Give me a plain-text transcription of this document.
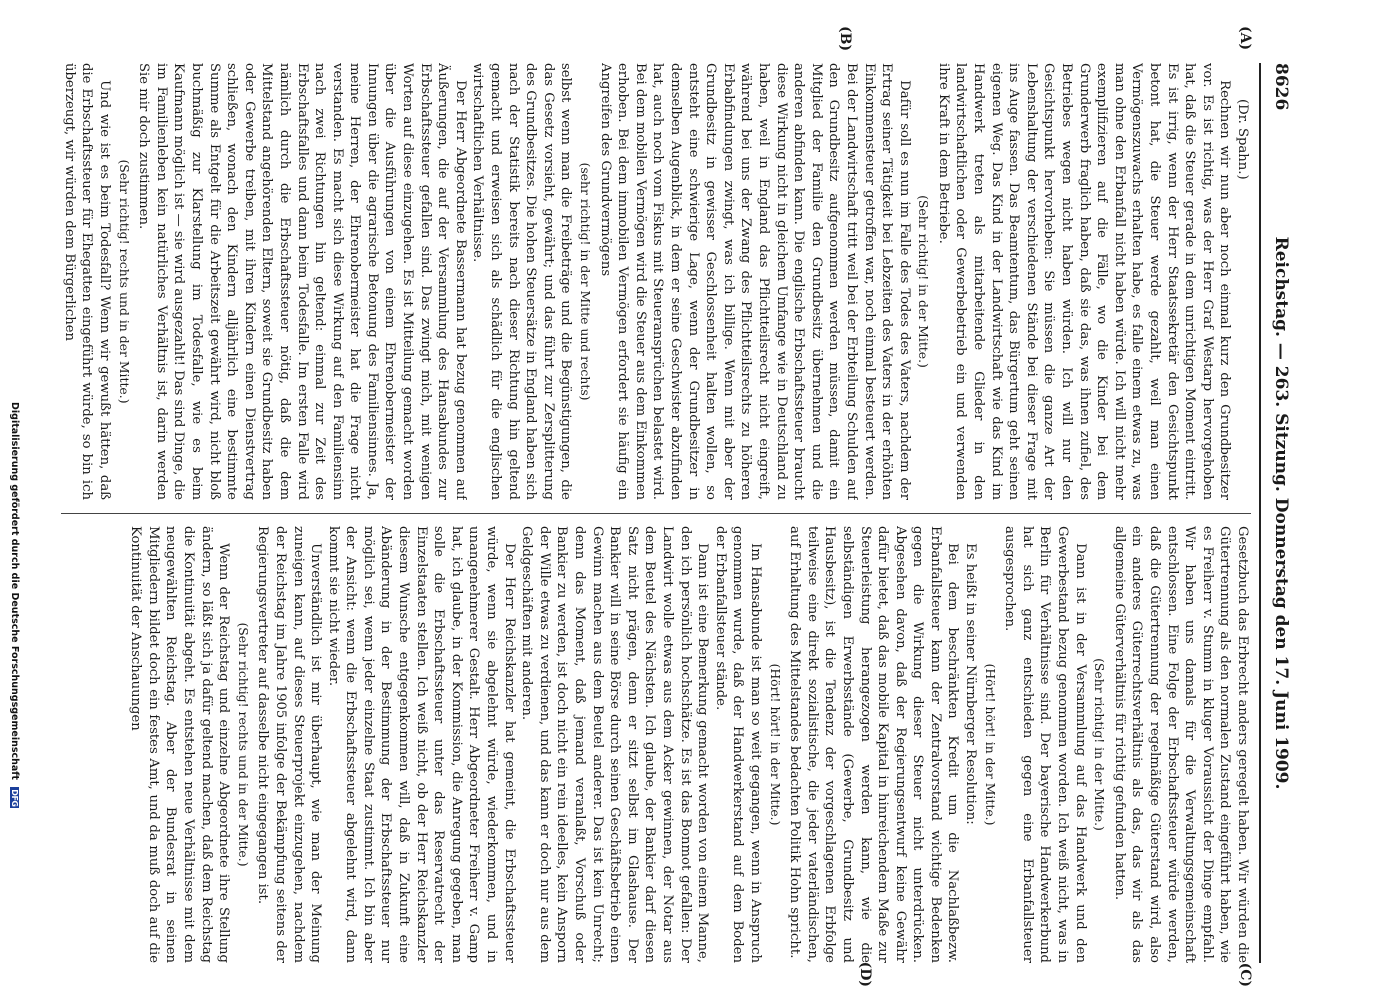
8626
Reichstag. — 263. Sitzung. Donnerstag den 17. Juni 1909.

(Dr. Spahn.)

Rechnen wir nun aber noch einmal kurz den Grundbesitzer vor. Es ist richtig, was der Herr Graf Westarp hervorgehoben hat, daß die Steuer gerade in dem unrichtigen Moment eintritt. Es ist irrig, wenn der Herr Staatssekretär den Gesichtspunkt betont hat, die Steuer werde gezahlt, weil man einen Vermögenszuwachs erhalten habe, es falle einem etwas zu, was man ohne den Erbanfall nicht haben würde. Ich will nicht mehr exemplifizieren auf die Fälle, wo die Kinder bei dem Grunderwerb fraglich haben, daß sie das, was ihnen zufiel, des Betriebes wegen nicht haben würden. Ich will nur den Gesichtspunkt hervorheben: Sie müssen die ganze Art der Lebenshaltung der verschiedenen Stände bei dieser Frage mit ins Auge fassen. Das Beamtentum, das Bürgertum geht seinen eigenen Weg. Das Kind in der Landwirtschaft wie das Kind im Handwerk treten als mitarbeitende Glieder in den landwirtschaftlichen oder Gewerbebetrieb ein und verwenden ihre Kraft in dem Betriebe.

(Sehr richtig! in der Mitte.)

Dafür soll es nun im Falle des Todes des Vaters, nachdem der Ertrag seiner Tätigkeit bei Lebzeiten des Vaters in der erhöhten Einkommensteuer getroffen war, noch einmal besteuert werden. Bei der Landwirtschaft tritt weil bei der Erbteilung Schulden auf den Grundbesitz aufgenommen werden müssen, damit ein Mitglied der Familie den Grundbesitz übernehmen und die anderen abfinden kann. Die englische Erbschaftssteuer braucht diese Wirkung nicht in gleichem Umfange wie in Deutschland zu haben, weil in England das Pflichtteilsrecht nicht eingreift, während bei uns der Zwang des Pflichtteilsrechts zu höheren Erbabfindungen zwingt, was ich billige. Wenn mit aber der Grundbesitz in gewisser Geschlossenheit halten wollen, so entsteht eine schwierige Lage, wenn der Grundbesitzer in demselben Augenblick, in dem er seine Geschwister abzufinden hat, auch noch vom Fiskus mit Steueransprüchen belastet wird. Bei dem mobilen Vermögen wird die Steuer aus dem Einkommen erhoben. Bei dem immobilen Vermögen erfordert sie häufig ein Angreifen des Grundvermögens

(sehr richtig! in der Mitte und rechts)

selbst wenn man die Freibeträge und die Begünstigungen, die das Gesetz vorsieht, gewährt; und das führt zur Zersplitterung des Grundbesitzes. Die hohen Steuersätze in England haben sich nach der Statistik bereits nach dieser Richtung hin geltend gemacht und erweisen sich als schädlich für die englischen wirtschaftlichen Verhältnisse.

Der Herr Abgeordnete Bassermann hat bezug genommen auf Äußerungen, die auf der Versammlung des Hansabundes zur Erbschaftssteuer gefallen sind. Das zwingt mich, mit wenigen Worten auf diese einzugehen. Es ist Mitteilung gemacht worden über die Ausführungen von einem Ehrenobermeister der Innungen über die agrarische Betonung des Familiensinnes. Ja, meine Herren, der Ehrenobermeister hat die Frage nicht verstanden. Es macht sich diese Wirkung auf den Familiensinn nach zwei Richtungen hin geltend: einmal zur Zeit des Erbschaftsfalles und dann beim Todesfalle. Im ersten Falle wird nämlich durch die Erbschaftssteuer nötig, daß die dem Mittelstand angehörenden Eltern, soweit sie Grundbesitz haben oder Gewerbe treiben, mit ihren Kindern einen Dienstvertrag schließen, wonach den Kindern alljährlich eine bestimmte Summe als Entgelt für die Arbeitszeit gewährt wird, nicht bloß buchmäßig zur Klarstellung im Todesfalle, wie es beim Kaufmann möglich ist — sie wird ausgezahlt! Das sind Dinge, die im Familienleben kein natürliches Verhältnis ist, darin werden Sie mir doch zustimmen.

(Sehr richtig! rechts und in der Mitte.)

Und wie ist es beim Todesfall? Wenn wir gewußt hätten, daß die Erbschaftssteuer für Ehegatten eingeführt würde, so bin ich überzeugt, wir würden dem Bürgerlichen

Gesetzbuch das Erbrecht anders geregelt haben. Wir würden die Gütertrennung als den normalen Zustand eingeführt haben, wie es Freiherr v. Stumm in kluger Voraussicht der Dinge empfahl. Wir haben uns damals für die Verwaltungsgemeinschaft entschlossen. Eine Folge der Erbschaftssteuer würde werden, daß die Gütertrennung der regelmäßige Güterstand wird, also ein anderes Güterrechtsverhältnis als das, das wir als das allgemeine Güterverhältnis für richtig gefunden hatten.

(Sehr richtig! in der Mitte.)

Dann ist in der Versammlung auf das Handwerk und den Gewerbestand bezug genommen worden. Ich weiß nicht, was in Berlin für Verhältnisse sind. Der bayerische Handwerkerbund hat sich ganz entschieden gegen eine Erbanfallsteuer ausgesprochen.

(Hört! hört! in der Mitte.)

Es heißt in seiner Nürnberger Resolution:

Bei dem beschränkten Kredit um die Nachlaßbezw. Erbanfallsteuer kann der Zentralvorstand wichtige Bedenken gegen die Wirkung dieser Steuer nicht unterdrücken. Abgesehen davon, daß der Regierungsentwurf keine Gewähr dafür bietet, daß das mobile Kapital in hinreichendem Maße zur Steuerleistung herangezogen werden kann, wie die selbständigen Erwerbsstände (Gewerbe, Grundbesitz und Hausbesitz), ist die Tendenz der vorgeschlagenen Erbfolge teilweise eine direkt sozialistische, die jeder vaterländischen, auf Erhaltung des Mittelstandes bedachten Politik Hohn spricht.

(Hört! hört! in der Mitte.)

Im Hansabunde ist man so weit gegangen, wenn in Anspruch genommen wurde, daß der Handwerkerstand auf dem Boden der Erbanfallsteuer stände.

Dann ist eine Bemerkung gemacht worden von einem Manne, den ich persönlich hochschätze. Es ist das Bonmot gefallen: Der Landwirt wolle etwas aus dem Acker gewinnen, der Notar aus dem Beutel des Nächsten. Ich glaube, der Bankier darf diesen Satz nicht prägen, denn er sitzt selbst im Glashause. Der Bankier will in seine Börse durch seinen Geschäftsbetrieb einen Gewinn machen aus dem Beutel anderer. Das ist kein Unrecht; denn das Moment, daß jemand veranlaßt, Vorschuß oder Bankier zu werden, ist doch nicht ein rein ideelles, kein Ansporn der Wille etwas zu verdienen, und das kann er doch nur aus dem Geldgeschäften mit anderen.

Der Herr Reichskanzler hat gemeint, die Erbschaftssteuer würde, wenn sie abgelehnt würde, wiederkommen, und in unangenehmerer Gestalt. Herr Abgeordneter Freiherr v. Gamp hat, ich glaube, in der Kommission, die Anregung gegeben, man solle die Erbschaftssteuer unter das Reservatrecht der Einzelstaaten stellen. Ich weiß nicht, ob der Herr Reichskanzler diesem Wunsche entgegenkommen will, daß in Zukunft eine Abänderung in der Bestimmung der Erbschaftssteuer nur möglich sei, wenn jeder einzelne Staat zustimmt. Ich bin aber der Ansicht: wenn die Erbschaftssteuer abgelehnt wird, dann kommt sie nicht wieder.

Unverständlich ist mir überhaupt, wie man der Meinung zuneigen kann, auf dieses Steuerprojekt einzugehen, nachdem der Reichstag im Jahre 1905 infolge der Bekämpfung seitens der Regierungsvertreter auf dasselbe nicht eingegangen ist.

(Sehr richtig! rechts und in der Mitte.)

Wenn der Reichstag und einzelne Abgeordnete ihre Stellung ändern, so läßt sich ja dafür geltend machen, daß dem Reichstag die Kontinuität abgeht. Es entstehen neue Verhältnisse mit dem neugewählten Reichstag. Aber der Bundesrat in seinen Mitgliedern bildet doch ein festes Amt, und da muß doch auf die Kontinuität der Anschauungen

(A)
(B)
(C)
(D)
Digitalisierung gefördert durch die Deutsche Forschungsgemeinschaft DFG
